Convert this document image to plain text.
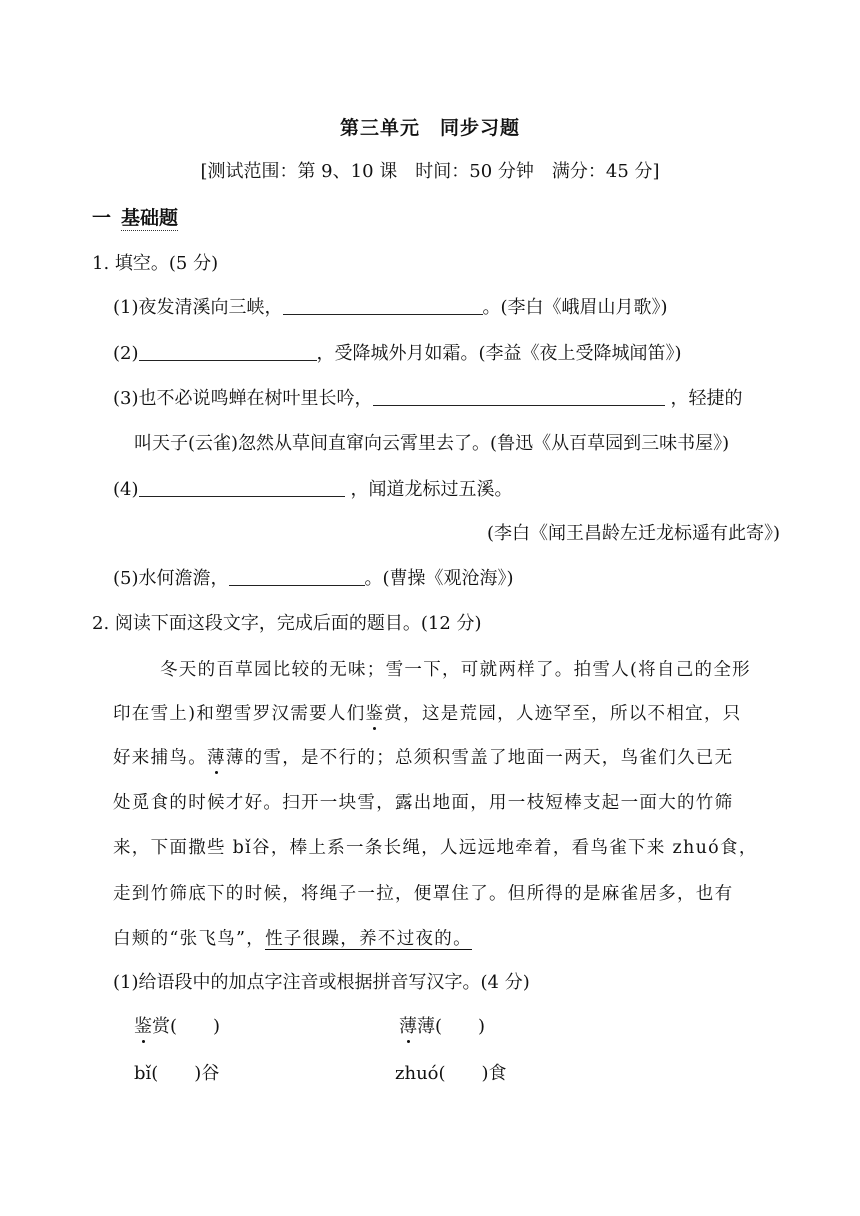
第三单元　同步习题
[测试范围：第 9、10 课　时间：50 分钟　满分：45 分]
一 基础题
1. 填空。(5 分)
(1)夜发清溪向三峡，	。(李白《峨眉山月歌》)
(2)	，受降城外月如霜。(李益《夜上受降城闻笛》)
(3)也不必说鸣蝉在树叶里长吟，	，轻捷的
叫天子(云雀)忽然从草间直窜向云霄里去了。(鲁迅《从百草园到三味书屋》)
(4)	，闻道龙标过五溪。
(李白《闻王昌龄左迁龙标遥有此寄》)
(5)水何澹澹，	。(曹操《观沧海》)
2. 阅读下面这段文字，完成后面的题目。(12 分)
冬天的百草园比较的无味；雪一下，可就两样了。拍雪人(将自己的全形
印在雪上)和塑雪罗汉需要人们鉴赏，这是荒园，人迹罕至，所以不相宜，只
好来捕鸟。薄薄的雪，是不行的；总须积雪盖了地面一两天，鸟雀们久已无
处觅食的时候才好。扫开一块雪，露出地面，用一枝短棒支起一面大的竹筛
来，下面撒些 bǐ谷，棒上系一条长绳，人远远地牵着，看鸟雀下来 zhuó食，
走到竹筛底下的时候，将绳子一拉，便罩住了。但所得的是麻雀居多，也有
白颊的“张飞鸟”，性子很躁，养不过夜的。
(1)给语段中的加点字注音或根据拼音写汉字。(4 分)
鉴赏(　　)	薄薄(　　)
bǐ(　　)谷	zhuó(　　)食
